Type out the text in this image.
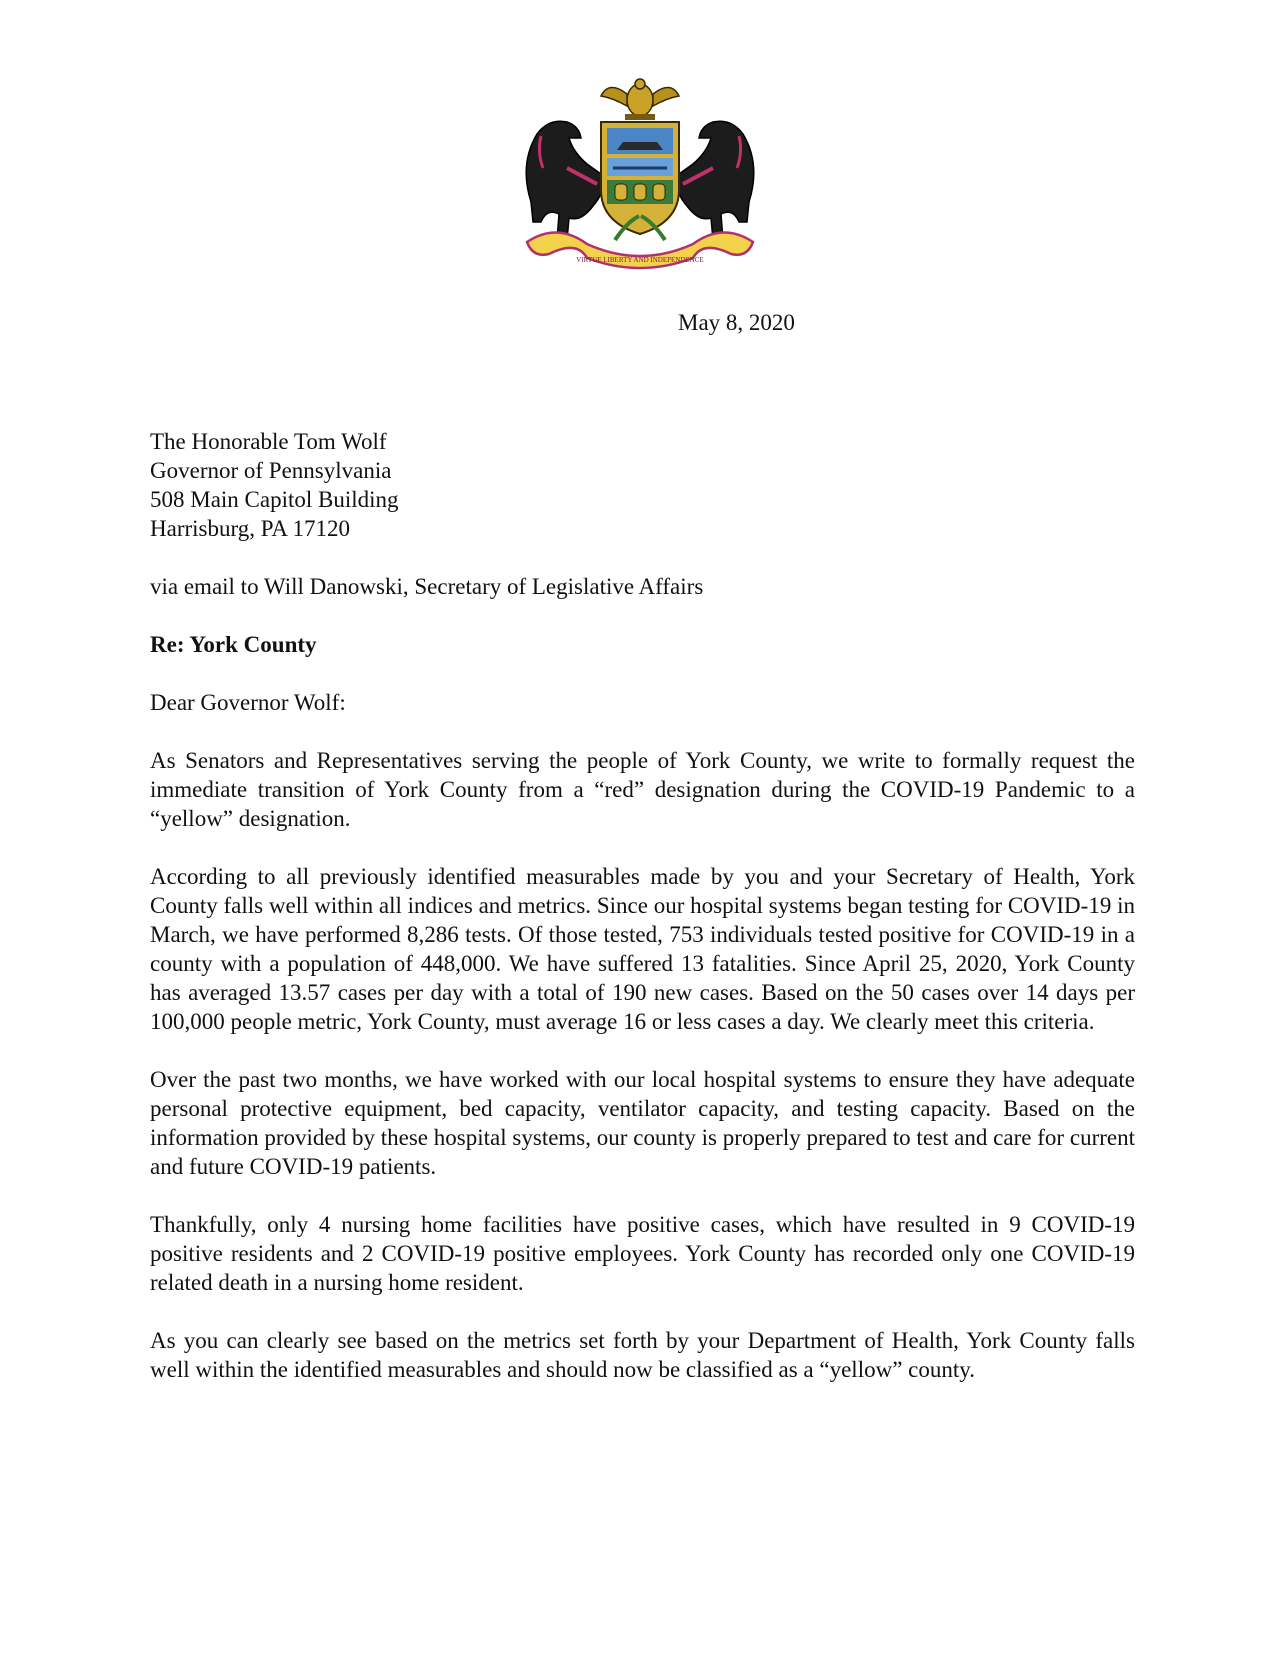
VIRTUE LIBERTY AND INDEPENDENCE
May 8, 2020
The Honorable Tom Wolf
Governor of Pennsylvania
508 Main Capitol Building
Harrisburg, PA 17120
via email to Will Danowski, Secretary of Legislative Affairs
Re: York County
Dear Governor Wolf:
As Senators and Representatives serving the people of York County, we write to formally request the immediate transition of York County from a “red” designation during the COVID-19 Pandemic to a “yellow” designation.
According to all previously identified measurables made by you and your Secretary of Health, York County falls well within all indices and metrics. Since our hospital systems began testing for COVID-19 in March, we have performed 8,286 tests. Of those tested, 753 individuals tested positive for COVID-19 in a county with a population of 448,000. We have suffered 13 fatalities. Since April 25, 2020, York County has averaged 13.57 cases per day with a total of 190 new cases. Based on the 50 cases over 14 days per 100,000 people metric, York County, must average 16 or less cases a day. We clearly meet this criteria.
Over the past two months, we have worked with our local hospital systems to ensure they have adequate personal protective equipment, bed capacity, ventilator capacity, and testing capacity. Based on the information provided by these hospital systems, our county is properly prepared to test and care for current and future COVID-19 patients.
Thankfully, only 4 nursing home facilities have positive cases, which have resulted in 9 COVID-19 positive residents and 2 COVID-19 positive employees. York County has recorded only one COVID-19 related death in a nursing home resident.
As you can clearly see based on the metrics set forth by your Department of Health, York County falls well within the identified measurables and should now be classified as a “yellow” county.
